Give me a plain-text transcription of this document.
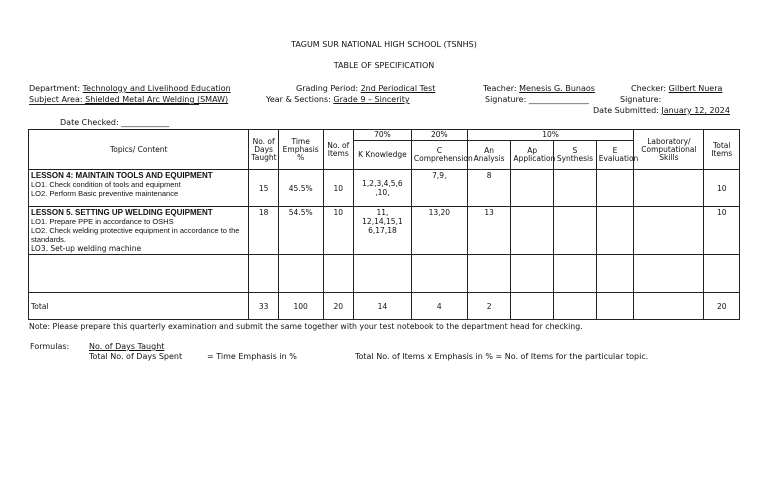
TAGUM SUR NATIONAL HIGH SCHOOL (TSNHS)
TABLE OF SPECIFICATION
Department: Technology and Livelihood Education
Subject Area: Shielded Metal Arc Welding (SMAW)
Grading Period: 2nd Periodical Test
Year & Sections: Grade 9 – Sincerity
Teacher: Menesis G. Bunaos
Signature: _______________
Checker: Gilbert Nuera
Signature:
Date Submitted: January 12, 2024
Date Checked: ____________
Topics/ Content	No. of Days Taught	Time Emphasis %	No. of Items	70%	20%	10%				Laboratory/ Computational Skills	Total Items
				K Knowledge	C Comprehension	An Analysis	Ap Application	S Synthesis	E Evaluation		

LESSON 4: MAINTAIN TOOLS AND EQUIPMENT
LO1. Check condition of tools and equipment
LO2. Perform Basic preventive maintenance	15	45.5%	10	1,2,3,4,5,6 ,10,	7,9,	8					10

LESSON 5. SETTING UP WELDING EQUIPMENT
LO1. Prepare PPE in accordance to OSHS
LO2. Check welding protective equipment in accordance to the standards.
LO3. Set-up welding machine	18	54.5%	10	11, 12,14,15,1 6,17,18	13,20	13					10

Total	33	100	20	14	4	2					20
Note: Please prepare this quarterly examination and submit the same together with your test notebook to the department head for checking.
Formulas: No. of Days Taught
Total No. of Days Spent	= Time Emphasis in %	Total No. of Items x Emphasis in % = No. of Items for the particular topic.
